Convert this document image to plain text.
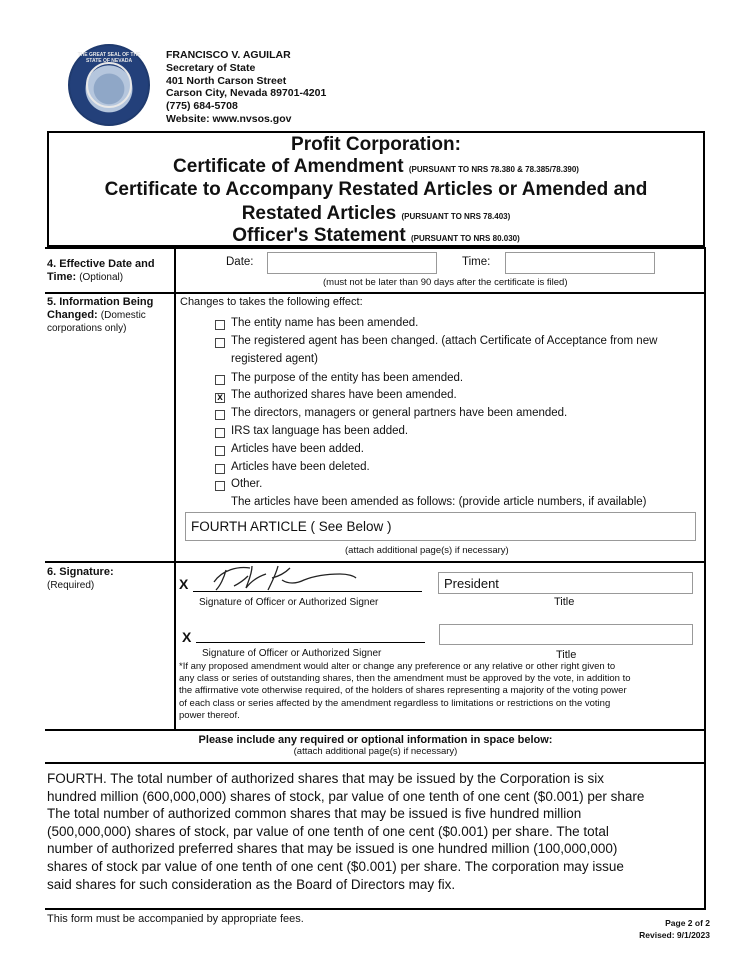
THE GREAT SEAL OF THE STATE OF NEVADA	FRANCISCO V. AGUILAR
Secretary of State
401 North Carson Street
Carson City, Nevada 89701-4201
(775) 684-5708
Website: www.nvsos.gov
Profit Corporation:
Certificate of Amendment (PURSUANT TO NRS 78.380 & 78.385/78.390)
Certificate to Accompany Restated Articles or Amended and
Restated Articles (PURSUANT TO NRS 78.403)
Officer's Statement (PURSUANT TO NRS 80.030)
4. Effective Date and Time: (Optional)
Date:	Time:
(must not be later than 90 days after the certificate is filed)
5. Information Being Changed: (Domestic corporations only)
Changes to takes the following effect:
The entity name has been amended.
The registered agent has been changed. (attach Certificate of Acceptance from new
registered agent)
The purpose of the entity has been amended.
x The authorized shares have been amended.
The directors, managers or general partners have been amended.
IRS tax language has been added.
Articles have been added.
Articles have been deleted.
Other.
The articles have been amended as follows: (provide article numbers, if available)
FOURTH ARTICLE ( See Below )
(attach additional page(s) if necessary)
6. Signature:
(Required)	X
Signature of Officer or Authorized Signer
President
Title
X
Signature of Officer or Authorized Signer	Title
*If any proposed amendment would alter or change any preference or any relative or other right given to
any class or series of outstanding shares, then the amendment must be approved by the vote, in addition to
the affirmative vote otherwise required, of the holders of shares representing a majority of the voting power
of each class or series affected by the amendment regardless to limitations or restrictions on the voting
power thereof.
Please include any required or optional information in space below:
(attach additional page(s) if necessary)
FOURTH. The total number of authorized shares that may be issued by the Corporation is six
hundred million (600,000,000) shares of stock, par value of one tenth of one cent ($0.001) per share
The total number of authorized common shares that may be issued is five hundred million
(500,000,000) shares of stock, par value of one tenth of one cent ($0.001) per share. The total
number of authorized preferred shares that may be issued is one hundred million (100,000,000)
shares of stock par value of one tenth of one cent ($0.001) per share. The corporation may issue
said shares for such consideration as the Board of Directors may fix.
This form must be accompanied by appropriate fees.	Page 2 of 2
Revised: 9/1/2023
